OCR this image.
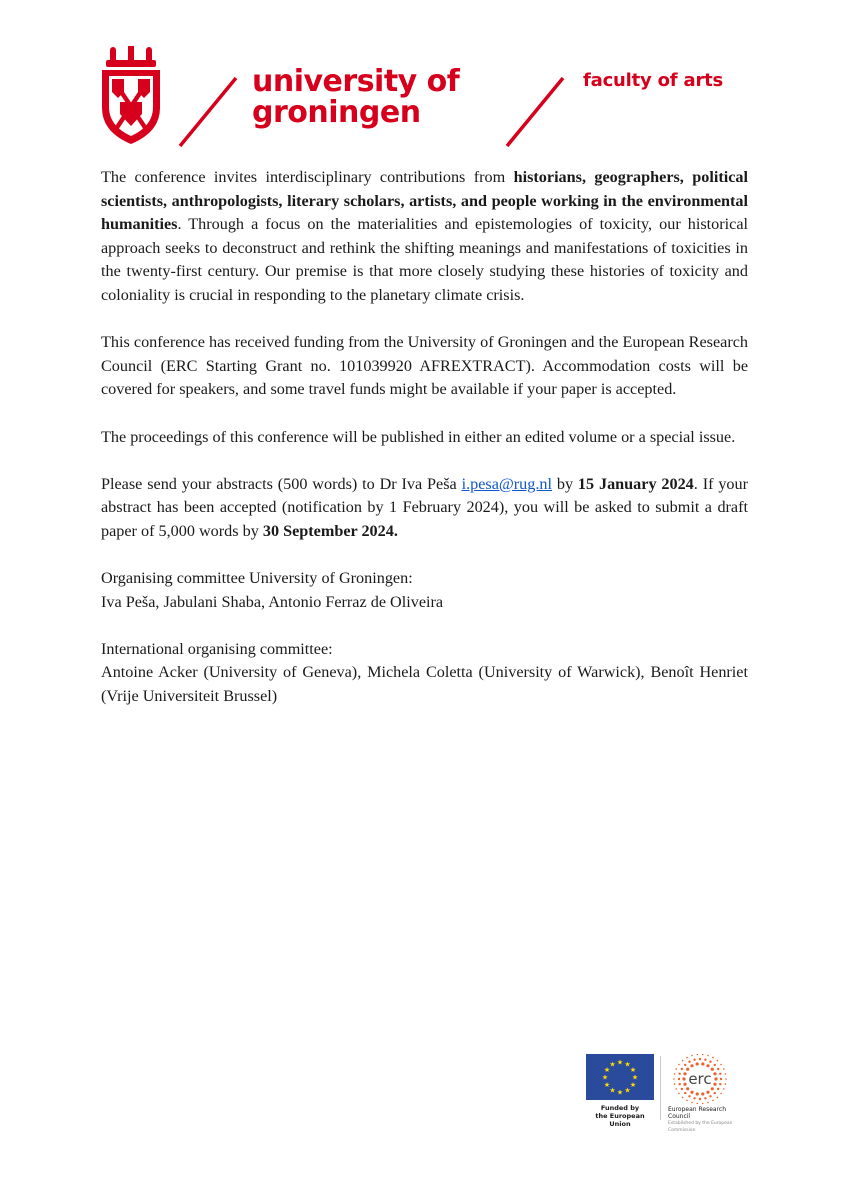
university of
groningen
faculty of arts

The conference invites interdisciplinary contributions from historians, geographers, political scientists, anthropologists, literary scholars, artists, and people working in the environmental humanities. Through a focus on the materialities and epistemologies of toxicity, our historical approach seeks to deconstruct and rethink the shifting meanings and manifestations of toxicities in the twenty-first century. Our premise is that more closely studying these histories of toxicity and coloniality is crucial in responding to the planetary climate crisis.

This conference has received funding from the University of Groningen and the European Research Council (ERC Starting Grant no. 101039920 AFREXTRACT). Accommodation costs will be covered for speakers, and some travel funds might be available if your paper is accepted.

The proceedings of this conference will be published in either an edited volume or a special issue.

Please send your abstracts (500 words) to Dr Iva Peša i.pesa@rug.nl by 15 January 2024. If your abstract has been accepted (notification by 1 February 2024), you will be asked to submit a draft paper of 5,000 words by 30 September 2024.

Organising committee University of Groningen:
Iva Peša, Jabulani Shaba, Antonio Ferraz de Oliveira

International organising committee:
Antoine Acker (University of Geneva), Michela Coletta (University of Warwick), Benoît Henriet (Vrije Universiteit Brussel)

★
★
★
★
★
★
★
★
★ ★ ★
★
Funded by
the European Union
erc
European Research Council
Established by the European Commission
